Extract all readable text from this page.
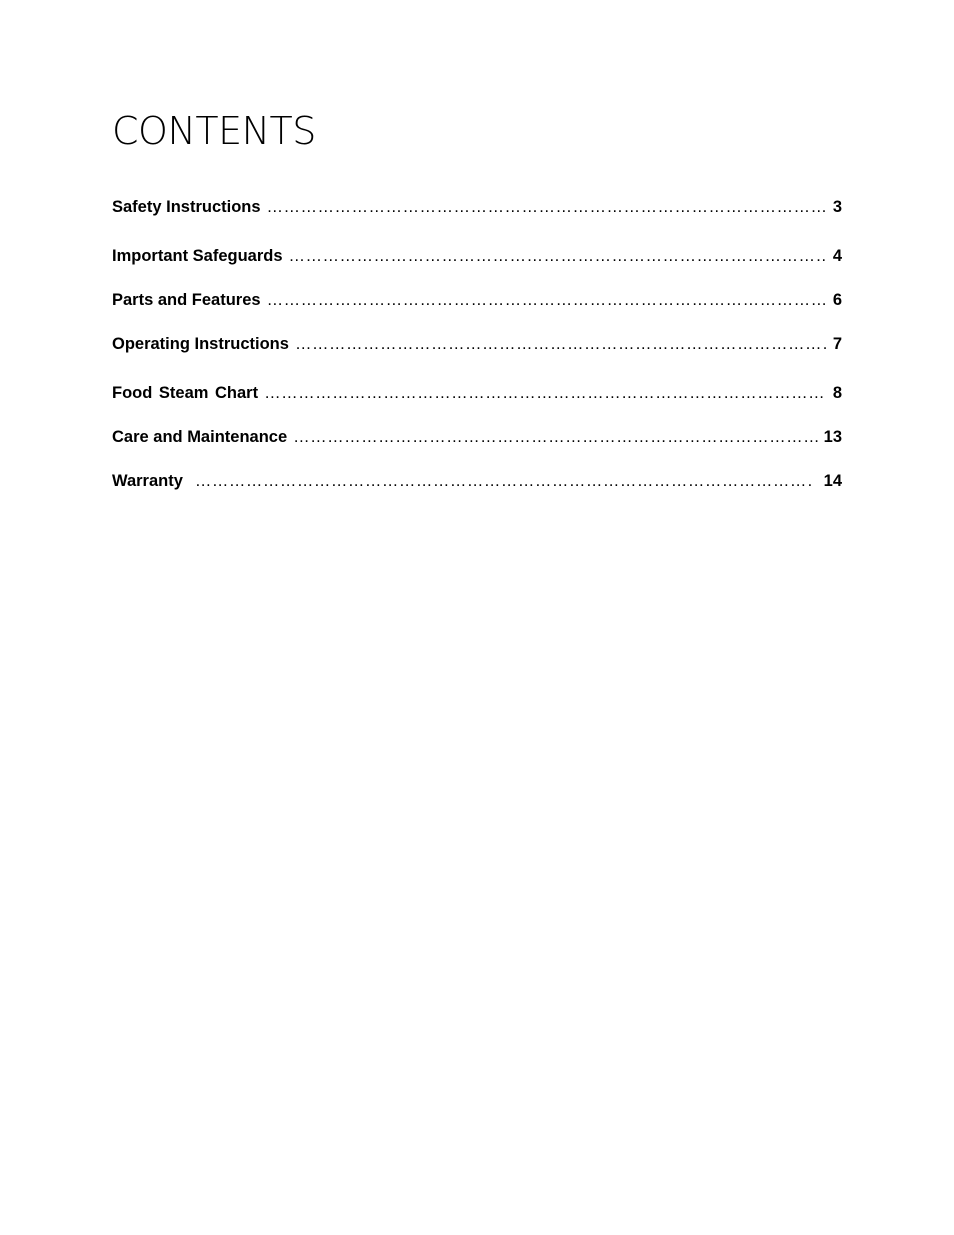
CONTENTS
Safety Instructions …………………………………………………………………………………………………………………………………………………………………………………………………………	3
Important Safeguards …………………………………………………………………………………………………………………………………………………………………………………………………………	4
Parts and Features …………………………………………………………………………………………………………………………………………………………………………………………………………	6
Operating Instructions …………………………………………………………………………………………………………………………………………………………………………………………………………	7
Food Steam Chart …………………………………………………………………………………………………………………………………………………………………………………………………………	8
Care and Maintenance …………………………………………………………………………………………………………………………………………………………………………………………………………	13
Warranty …………………………………………………………………………………………………………………………………………………………………………………………………………	14
